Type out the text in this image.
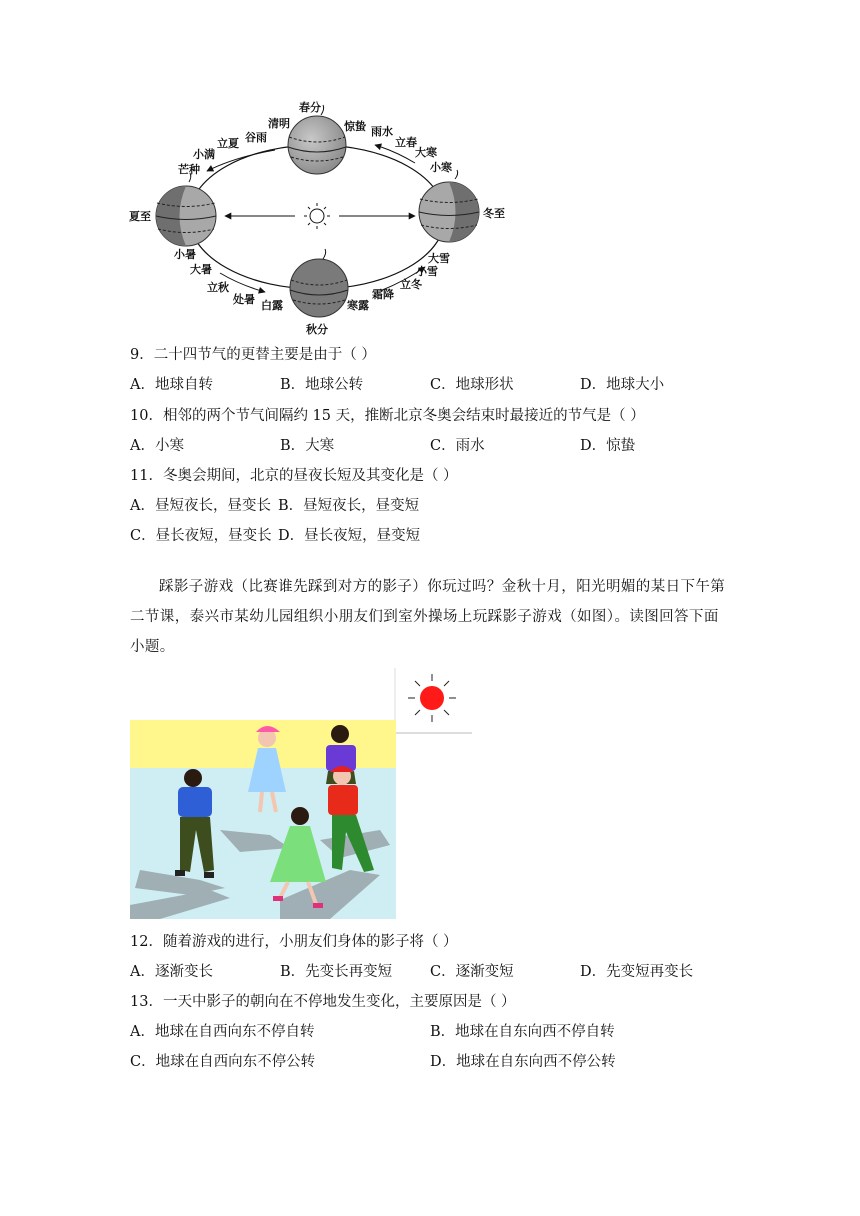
春分
清明
谷雨
立夏
小满
芒种
夏至
小暑
大暑
立秋
处暑 白露
秋分
寒露
霜降
立冬
小雪
大雪
冬至
小寒
大寒
立春
雨水
惊蛰
9．二十四节气的更替主要是由于（ ）
A．地球自转	B．地球公转	C．地球形状	D．地球大小
10．相邻的两个节气间隔约 15 天，推断北京冬奥会结束时最接近的节气是（ ）
A．小寒	B．大寒	C．雨水	D．惊蛰
11．冬奥会期间，北京的昼夜长短及其变化是（ ）
A．昼短夜长，昼变长 B．昼短夜长，昼变短
C．昼长夜短，昼变长 D．昼长夜短，昼变短

踩影子游戏（比赛谁先踩到对方的影子）你玩过吗？金秋十月，阳光明媚的某日下午第二节课，泰兴市某幼儿园组织小朋友们到室外操场上玩踩影子游戏（如图）。读图回答下面小题。

12．随着游戏的进行，小朋友们身体的影子将（ ）
A．逐渐变长	B．先变长再变短	C．逐渐变短	D．先变短再变长
13．一天中影子的朝向在不停地发生变化，主要原因是（ ）
A．地球在自西向东不停自转	B．地球在自东向西不停自转
C．地球在自西向东不停公转	D．地球在自东向西不停公转
